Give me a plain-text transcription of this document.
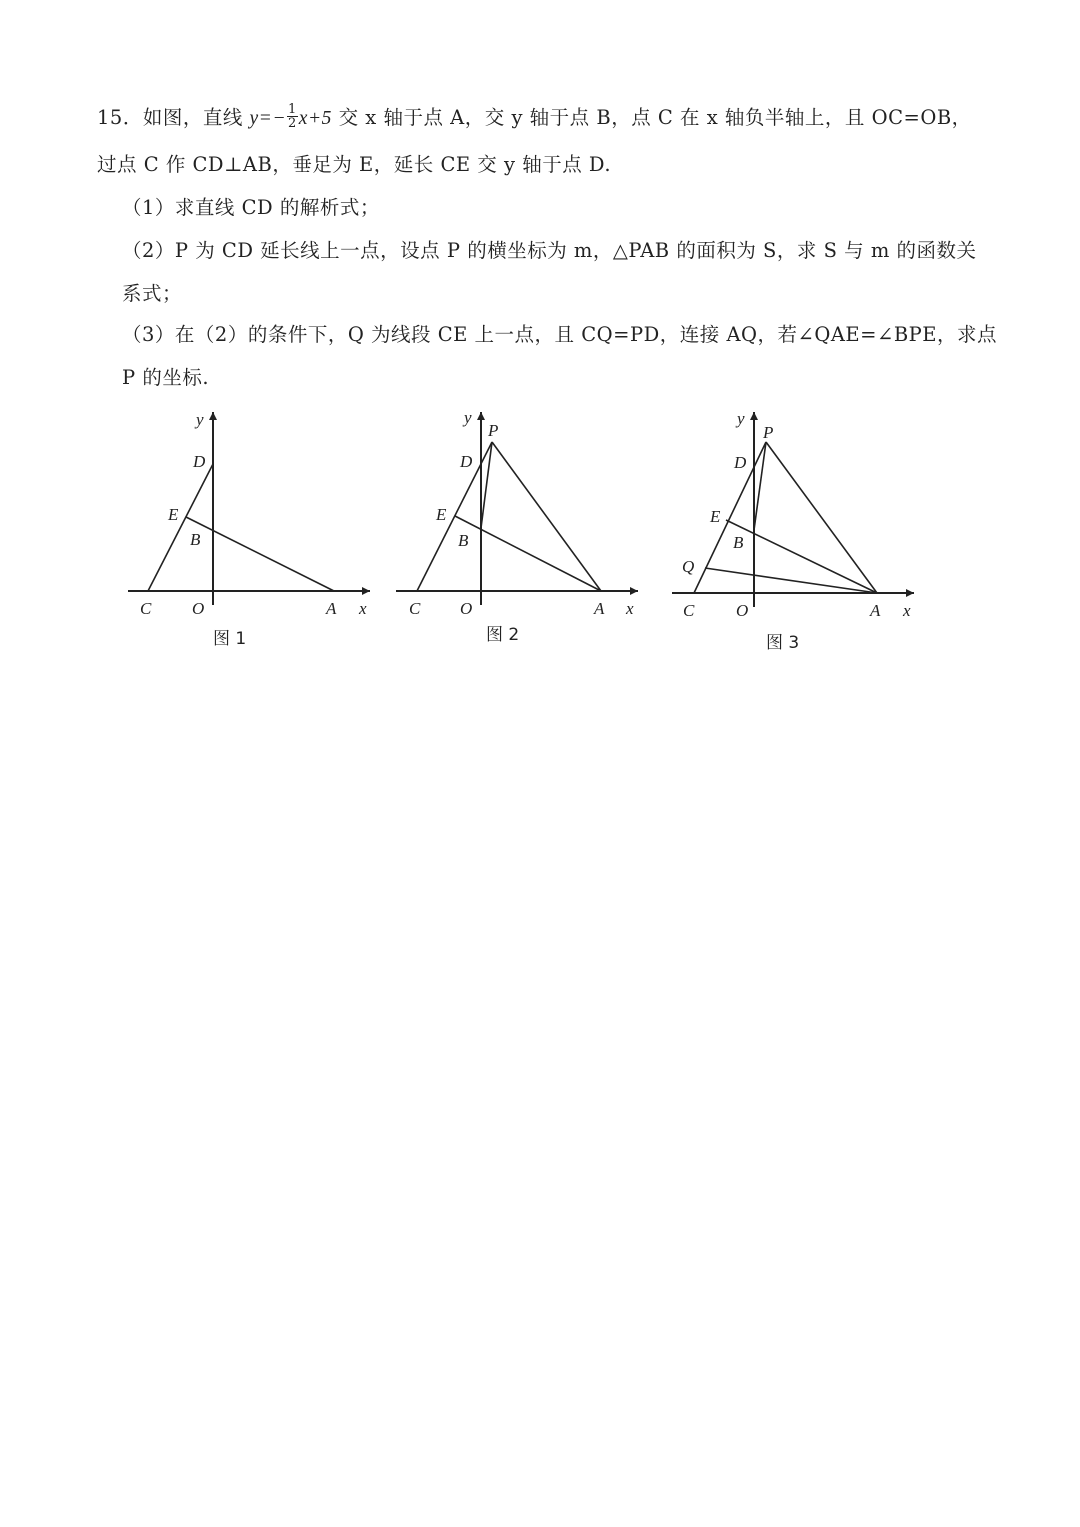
15．如图，直线 $y=- \frac{1}{2} x+5$ 交 x 轴于点 A，交 y 轴于点 B，点 C 在 x 轴负半轴上，且 OC=OB，
过点 C 作 CD⊥AB，垂足为 E，延长 CE 交 y 轴于点 D.
（1）求直线 CD 的解析式；
（2）P 为 CD 延长线上一点，设点 P 的横坐标为 m，△PAB 的面积为 S，求 S 与 m 的函数关
系式；
（3）在（2）的条件下，Q 为线段 CE 上一点，且 CQ=PD，连接 AQ，若∠QAE=∠BPE，求点
P 的坐标.
y
x
D
E
B
C O	A
图 1
y
x
P
D
E
B
C O	A
图 2
y
x
P
D
E
B
Q
C O	A
图 3
